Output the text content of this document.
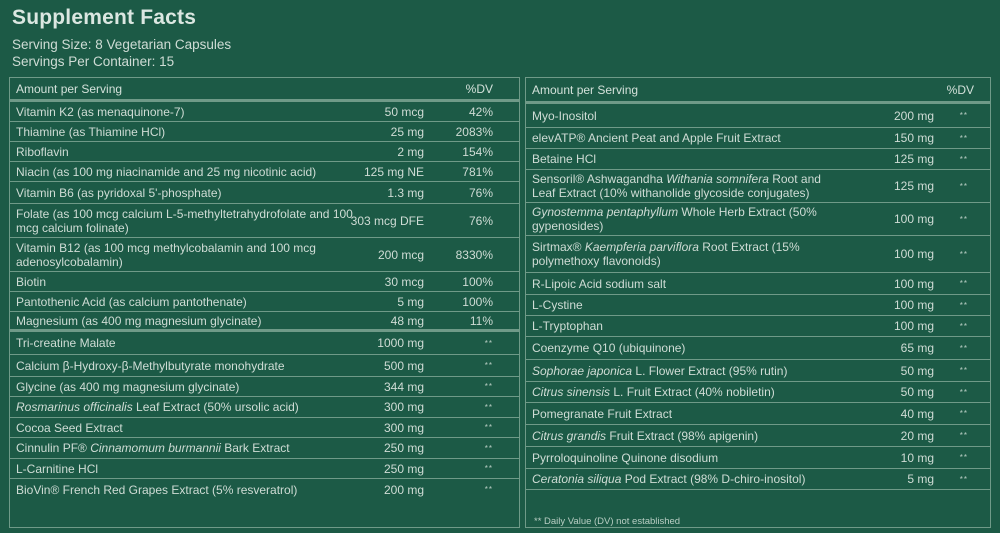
Supplement Facts
Serving Size: 8 Vegetarian Capsules
Servings Per Container: 15
Amount per Serving	%DV
Vitamin K2 (as menaquinone-7)	50 mcg	42%
Thiamine (as Thiamine HCl)	25 mg	2083%
Riboflavin	2 mg	154%
Niacin (as 100 mg niacinamide and 25 mg nicotinic acid)	125 mg NE	781%
Vitamin B6 (as pyridoxal 5'-phosphate)	1.3 mg	76%
Folate (as 100 mcg calcium L-5-methyltetrahydrofolate and 100 mcg calcium folinate)	303 mcg DFE	76%
Vitamin B12 (as 100 mcg methylcobalamin and 100 mcg adenosylcobalamin)	200 mcg	8330%
Biotin	30 mcg	100%
Pantothenic Acid (as calcium pantothenate)	5 mg	100%
Magnesium (as 400 mg magnesium glycinate)	48 mg	11%
Tri-creatine Malate	1000 mg	**
Calcium β-Hydroxy-β-Methylbutyrate monohydrate	500 mg	**
Glycine (as 400 mg magnesium glycinate)	344 mg	**
Rosmarinus officinalis Leaf Extract (50% ursolic acid)	300 mg	**
Cocoa Seed Extract	300 mg	**
Cinnulin PF® Cinnamomum burmannii Bark Extract	250 mg	**
L-Carnitine HCl	250 mg	**
BioVin® French Red Grapes Extract (5% resveratrol)	200 mg	**
Amount per Serving	%DV
Myo-Inositol	200 mg	**
elevATP® Ancient Peat and Apple Fruit Extract	150 mg	**
Betaine HCl	125 mg	**
Sensoril® Ashwagandha Withania somnifera Root and Leaf Extract (10% withanolide glycoside conjugates)	125 mg	**
Gynostemma pentaphyllum Whole Herb Extract (50% gypenosides)	100 mg	**
Sirtmax® Kaempferia parviflora Root Extract (15% polymethoxy flavonoids)	100 mg	**
R-Lipoic Acid sodium salt	100 mg	**
L-Cystine	100 mg	**
L-Tryptophan	100 mg	**
Coenzyme Q10 (ubiquinone)	65 mg	**
Sophorae japonica L. Flower Extract (95% rutin)	50 mg	**
Citrus sinensis L. Fruit Extract (40% nobiletin)	50 mg	**
Pomegranate Fruit Extract	40 mg	**
Citrus grandis Fruit Extract (98% apigenin)	20 mg	**
Pyrroloquinoline Quinone disodium	10 mg	**
Ceratonia siliqua Pod Extract (98% D-chiro-inositol)	5 mg	**
** Daily Value (DV) not established
